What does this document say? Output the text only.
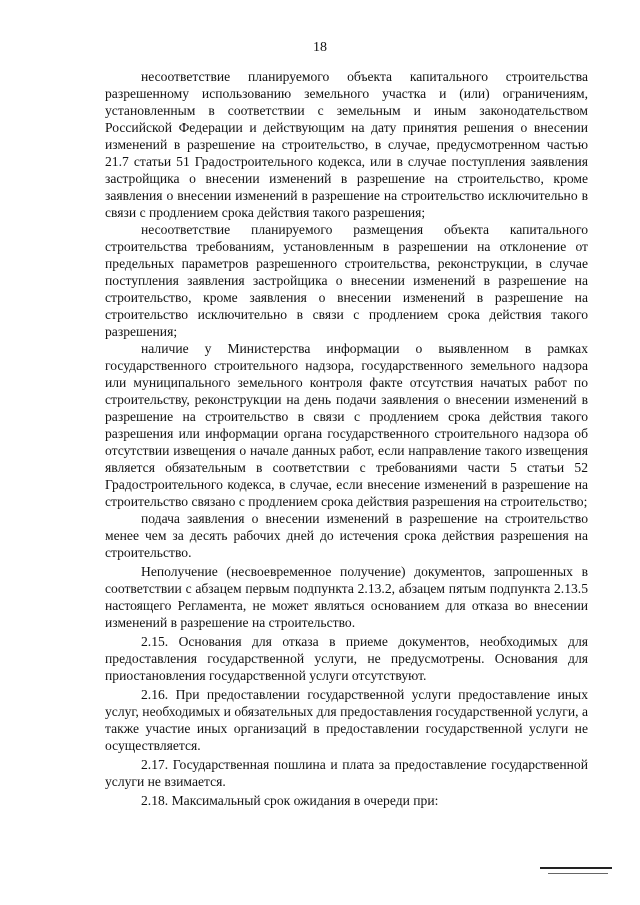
18

несоответствие планируемого объекта капитального строительства разрешенному использованию земельного участка и (или) ограничениям, установленным в соответствии с земельным и иным законодательством Российской Федерации и действующим на дату принятия решения о внесении изменений в разрешение на строительство, в случае, предусмотренном частью 21.7 статьи 51 Градостроительного кодекса, или в случае поступления заявления застройщика о внесении изменений в разрешение на строительство, кроме заявления о внесении изменений в разрешение на строительство исключительно в связи с продлением срока действия такого разрешения;

несоответствие планируемого размещения объекта капитального строительства требованиям, установленным в разрешении на отклонение от предельных параметров разрешенного строительства, реконструкции, в случае поступления заявления застройщика о внесении изменений в разрешение на строительство, кроме заявления о внесении изменений в разрешение на строительство исключительно в связи с продлением срока действия такого разрешения;

наличие у Министерства информации о выявленном в рамках государственного строительного надзора, государственного земельного надзора или муниципального земельного контроля факте отсутствия начатых работ по строительству, реконструкции на день подачи заявления о внесении изменений в разрешение на строительство в связи с продлением срока действия такого разрешения или информации органа государственного строительного надзора об отсутствии извещения о начале данных работ, если направление такого извещения является обязательным в соответствии с требованиями части 5 статьи 52 Градостроительного кодекса, в случае, если внесение изменений в разрешение на строительство связано с продлением срока действия разрешения на строительство;

подача заявления о внесении изменений в разрешение на строительство менее чем за десять рабочих дней до истечения срока действия разрешения на строительство.

Неполучение (несвоевременное получение) документов, запрошенных в соответствии с абзацем первым подпункта 2.13.2, абзацем пятым подпункта 2.13.5 настоящего Регламента, не может являться основанием для отказа во внесении изменений в разрешение на строительство.

2.15. Основания для отказа в приеме документов, необходимых для предоставления государственной услуги, не предусмотрены. Основания для приостановления государственной услуги отсутствуют.

2.16. При предоставлении государственной услуги предоставление иных услуг, необходимых и обязательных для предоставления государственной услуги, а также участие иных организаций в предоставлении государственной услуги не осуществляется.

2.17. Государственная пошлина и плата за предоставление государственной услуги не взимается.

2.18. Максимальный срок ожидания в очереди при:
